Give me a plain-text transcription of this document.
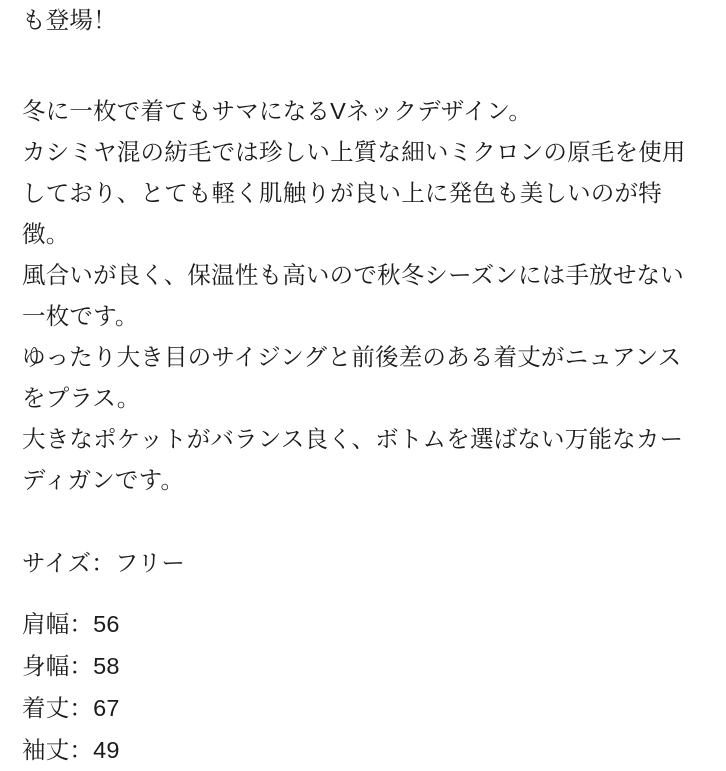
も登場！
冬に一枚で着てもサマになるVネックデザイン。
カシミヤ混の紡毛では珍しい上質な細いミクロンの原毛を使用
しており、とても軽く肌触りが良い上に発色も美しいのが特
徴。
風合いが良く、保温性も高いので秋冬シーズンには手放せない
一枚です。
ゆったり大き目のサイジングと前後差のある着丈がニュアンス
をプラス。
大きなポケットがバランス良く、ボトムを選ばない万能なカー
ディガンです。
サイズ：フリー
肩幅：56
身幅：58
着丈：67
袖丈：49
